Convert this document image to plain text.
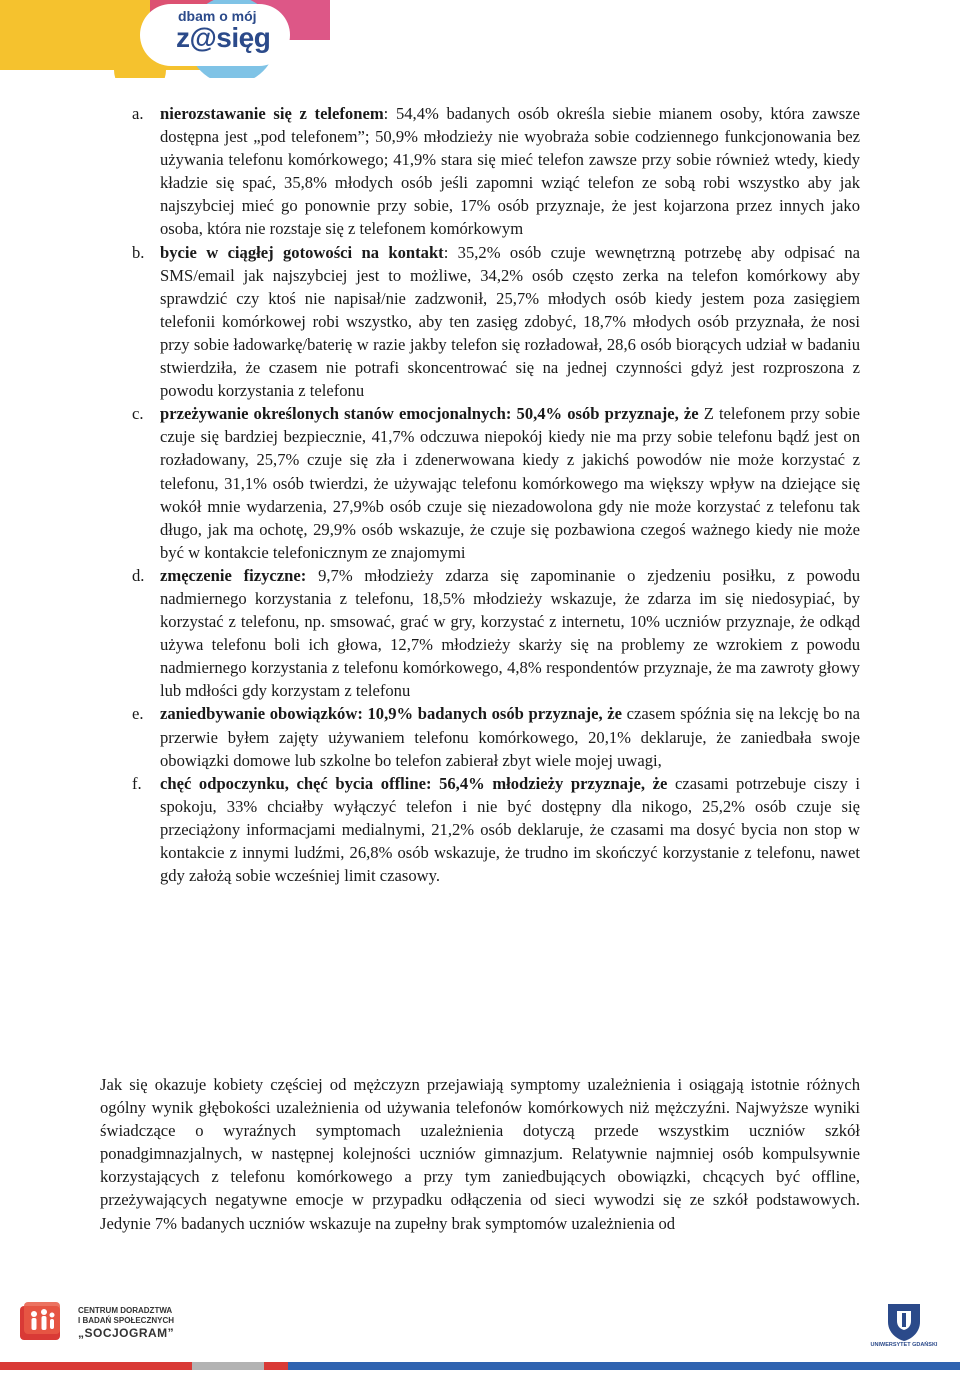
dbam o mój
z@sięg
a. nierozstawanie się z telefonem: 54,4% badanych osób określa siebie mianem osoby, która zawsze dostępna jest „pod telefonem”; 50,9% młodzieży nie wyobraża sobie codziennego funkcjonowania bez używania telefonu komórkowego; 41,9% stara się mieć telefon zawsze przy sobie również wtedy, kiedy kładzie się spać, 35,8% młodych osób jeśli zapomni wziąć telefon ze sobą robi wszystko aby jak najszybciej mieć go ponownie przy sobie, 17% osób przyznaje, że jest kojarzona przez innych jako osoba, która nie rozstaje się z telefonem komórkowym
b. bycie w ciągłej gotowości na kontakt: 35,2% osób czuje wewnętrzną potrzebę aby odpisać na SMS/email jak najszybciej jest to możliwe, 34,2% osób często zerka na telefon komórkowy aby sprawdzić czy ktoś nie napisał/nie zadzwonił, 25,7% młodych osób kiedy jestem poza zasięgiem telefonii komórkowej robi wszystko, aby ten zasięg zdobyć, 18,7% młodych osób przyznała, że nosi przy sobie ładowarkę/baterię w razie jakby telefon się rozładował, 28,6 osób biorących udział w badaniu stwierdziła, że czasem nie potrafi skoncentrować się na jednej czynności gdyż jest rozproszona z powodu korzystania z telefonu
c. przeżywanie określonych stanów emocjonalnych: 50,4% osób przyznaje, że Z telefonem przy sobie czuje się bardziej bezpiecznie, 41,7% odczuwa niepokój kiedy nie ma przy sobie telefonu bądź jest on rozładowany, 25,7% czuje się zła i zdenerwowana kiedy z jakichś powodów nie może korzystać z telefonu, 31,1% osób twierdzi, że używając telefonu komórkowego ma większy wpływ na dziejące się wokół mnie wydarzenia, 27,9%b osób czuje się niezadowolona gdy nie może korzystać z telefonu tak długo, jak ma ochotę, 29,9% osób wskazuje, że czuje się pozbawiona czegoś ważnego kiedy nie może być w kontakcie telefonicznym ze znajomymi
d. zmęczenie fizyczne: 9,7% młodzieży zdarza się zapominanie o zjedzeniu posiłku, z powodu nadmiernego korzystania z telefonu, 18,5% młodzieży wskazuje, że zdarza im się niedosypiać, by korzystać z telefonu, np. smsować, grać w gry, korzystać z internetu, 10% uczniów przyznaje, że odkąd używa telefonu boli ich głowa, 12,7% młodzieży skarży się na problemy ze wzrokiem z powodu nadmiernego korzystania z telefonu komórkowego, 4,8% respondentów przyznaje, że ma zawroty głowy lub mdłości gdy korzystam z telefonu
e. zaniedbywanie obowiązków: 10,9% badanych osób przyznaje, że czasem spóźnia się na lekcję bo na przerwie byłem zajęty używaniem telefonu komórkowego, 20,1% deklaruje, że zaniedbała swoje obowiązki domowe lub szkolne bo telefon zabierał zbyt wiele mojej uwagi,
f. chęć odpoczynku, chęć bycia offline: 56,4% młodzieży przyznaje, że czasami potrzebuje ciszy i spokoju, 33% chciałby wyłączyć telefon i nie być dostępny dla nikogo, 25,2% osób czuje się przeciążony informacjami medialnymi, 21,2% osób deklaruje, że czasami ma dosyć bycia non stop w kontakcie z innymi ludźmi, 26,8% osób wskazuje, że trudno im skończyć korzystanie z telefonu, nawet gdy założą sobie wcześniej limit czasowy.

Jak się okazuje kobiety częściej od mężczyzn przejawiają symptomy uzależnienia i osiągają istotnie różnych ogólny wynik głębokości uzależnienia od używania telefonów komórkowych niż mężczyźni. Najwyższe wyniki świadczące o wyraźnych symptomach uzależnienia dotyczą przede wszystkim uczniów szkół ponadgimnazjalnych, w następnej kolejności uczniów gimnazjum. Relatywnie najmniej osób kompulsywnie korzystających z telefonu komórkowego a przy tym zaniedbujących obowiązki, chcących być offline, przeżywających negatywne emocje w przypadku odłączenia od sieci wywodzi się ze szkół podstawowych. Jedynie 7% badanych uczniów wskazuje na zupełny brak symptomów uzależnienia od

CENTRUM DORADZTWA
I BADAŃ SPOŁECZNYCH
„SOCJOGRAM”
UNIWERSYTET GDAŃSKI
